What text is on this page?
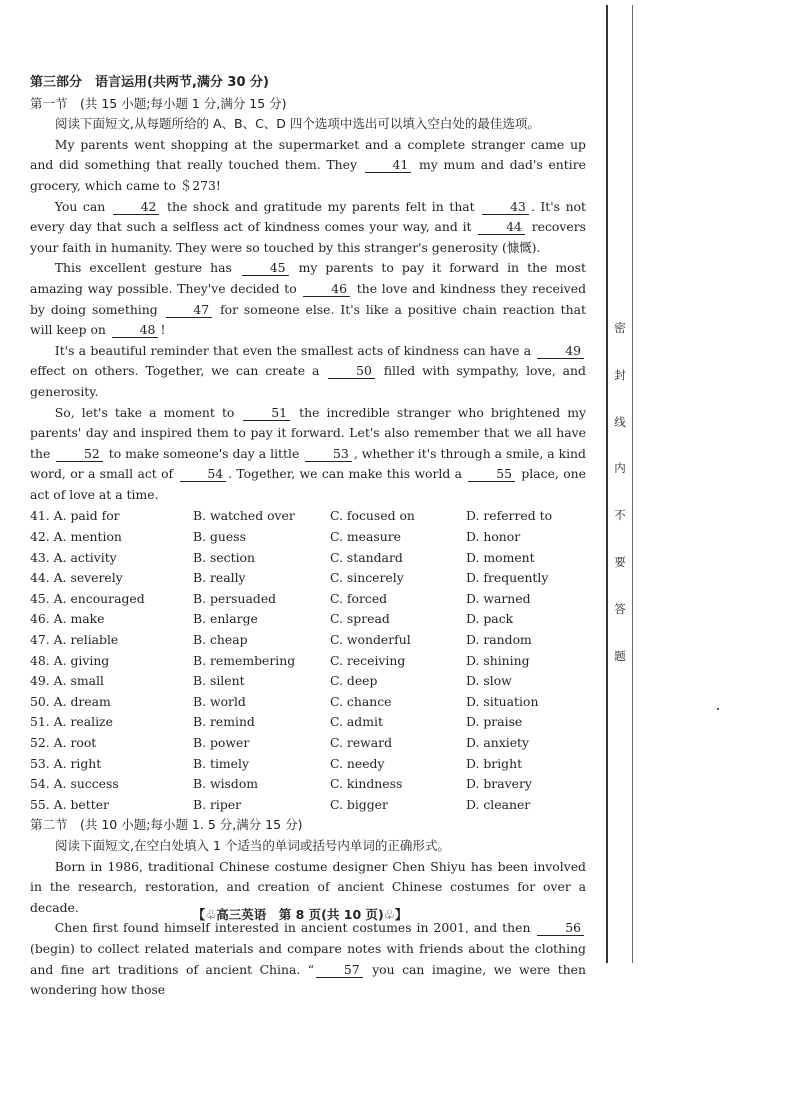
第三部分　语言运用(共两节,满分 30 分)

第一节　(共 15 小题;每小题 1 分,满分 15 分)

阅读下面短文,从每题所给的 A、B、C、D 四个选项中选出可以填入空白处的最佳选项。

My parents went shopping at the supermarket and a complete stranger came up and did something that really touched them. They	41 my mum and dad's entire grocery, which came to ＄273!

You can	42 the shock and gratitude my parents felt in that	43 . It's not every day that such a selfless act of kindness comes your way, and it	44 recovers your faith in humanity. They were so touched by this stranger's generosity (慷慨).

This excellent gesture has	45 my parents to pay it forward in the most amazing way possible. They've decided to	46 the love and kindness they received by doing something	47 for someone else. It's like a positive chain reaction that will keep on	48 !

It's a beautiful reminder that even the smallest acts of kindness can have a	49 effect on others. Together, we can create a	50 filled with sympathy, love, and generosity.

So, let's take a moment to	51 the incredible stranger who brightened my parents' day and inspired them to pay it forward. Let's also remember that we all have the	52 to make someone's day a little	53 , whether it's through a smile, a kind word, or a small act of	54 . Together, we can make this world a	55 place, one act of love at a time.

41. A. paid for	B. watched over	C. focused on	D. referred to
42. A. mention	B. guess	C. measure	D. honor
43. A. activity	B. section	C. standard	D. moment
44. A. severely	B. really	C. sincerely	D. frequently
45. A. encouraged	B. persuaded	C. forced	D. warned
46. A. make	B. enlarge	C. spread	D. pack
47. A. reliable	B. cheap	C. wonderful	D. random
48. A. giving	B. remembering	C. receiving	D. shining
49. A. small	B. silent	C. deep	D. slow
50. A. dream	B. world	C. chance	D. situation
51. A. realize	B. remind	C. admit	D. praise
52. A. root	B. power	C. reward	D. anxiety
53. A. right	B. timely	C. needy	D. bright
54. A. success	B. wisdom	C. kindness	D. bravery
55. A. better	B. riper	C. bigger	D. cleaner

第二节　(共 10 小题;每小题 1. 5 分,满分 15 分)

阅读下面短文,在空白处填入 1 个适当的单词或括号内单词的正确形式。

Born in 1986, traditional Chinese costume designer Chen Shiyu has been involved in the research, restoration, and creation of ancient Chinese costumes for over a decade.

Chen first found himself interested in ancient costumes in 2001, and then	56 (begin) to collect related materials and compare notes with friends about the clothing and fine art traditions of ancient China. “ 57 you can imagine, we were then wondering how those

【♧高三英语　第 8 页(共 10 页)♧】
密
封
线
内
不
要
答
题
